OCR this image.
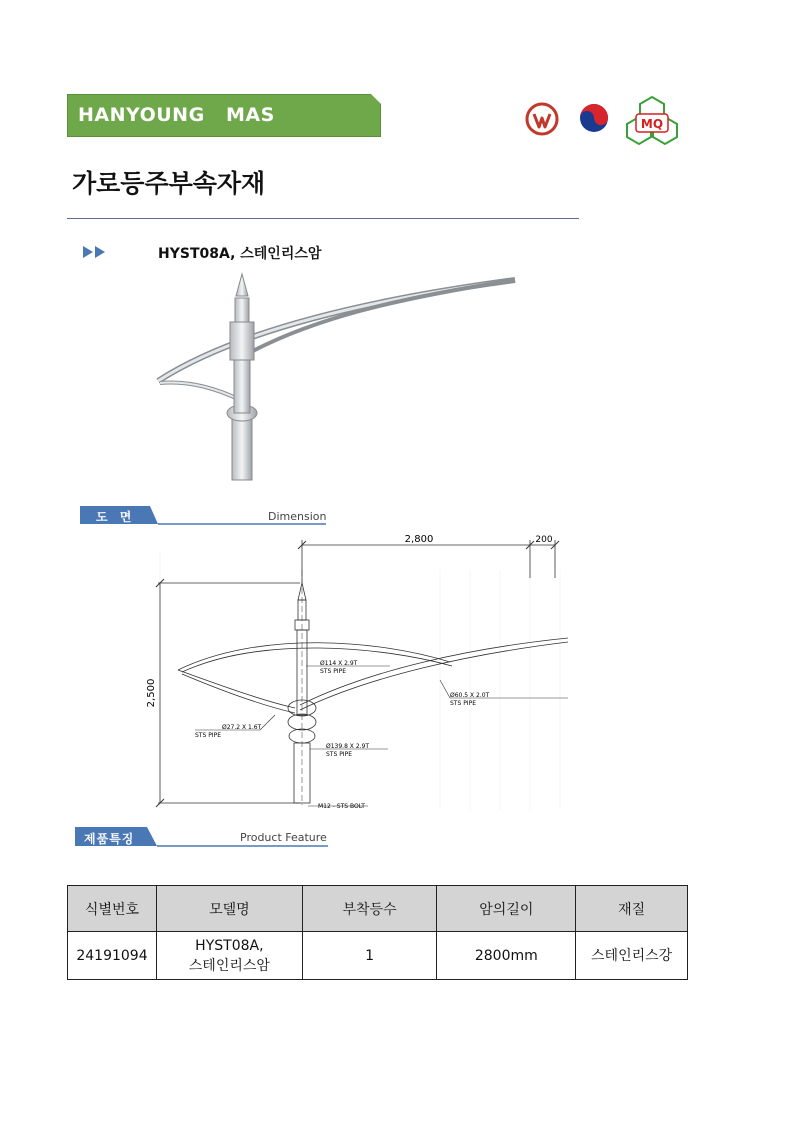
HANYOUNG   MAS	MQ
가로등주부속자재
HYST08A, 스테인리스암
도 면	Dimension
2,800	200
2,500
Ø114 X 2.9T
STS PIPE
Ø60.5 X 2.0T
STS PIPE
Ø27.2 X 1.6T
STS PIPE
Ø139.8 X 2.9T
STS PIPE
M12 - STS BOLT
제품특징	Product Feature
식별번호	모델명	부착등수	암의길이	재질
24191094	HYST08A,
스테인리스암	1	2800mm	스테인리스강
